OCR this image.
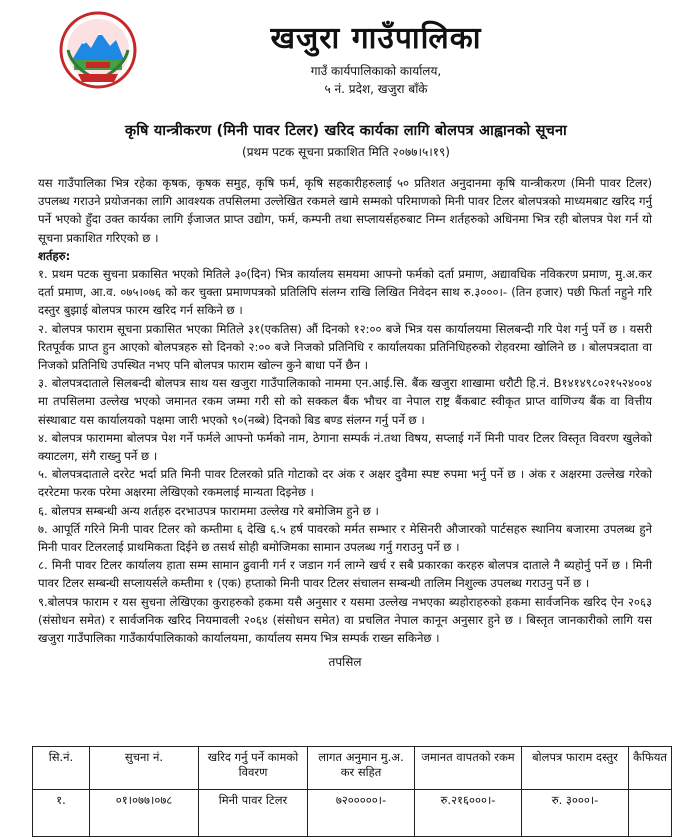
खजुरा गाउँपालिका
गाउँ कार्यपालिकाको कार्यालय,
५ नं. प्रदेश, खजुरा बाँके
कृषि यान्त्रीकरण (मिनी पावर टिलर) खरिद कार्यका लागि बोलपत्र आह्वानको सूचना
(प्रथम पटक सूचना प्रकाशित मिति २०७७।५।१९)

यस गाउँपालिका भित्र रहेका कृषक, कृषक समुह, कृषि फर्म, कृषि सहकारीहरुलाई ५० प्रतिशत अनुदानमा कृषि यान्त्रीकरण (मिनी पावर टिलर) उपलब्ध गराउने प्रयोजनका लागि आवश्यक तपसिलमा उल्लेखित रकमले खामे सम्मको परिमाणको मिनी पावर टिलर बोलपत्रको माध्यमबाट खरिद गर्नु पर्ने भएको हुँदा उक्त कार्यका लागि ईजाजत प्राप्त उद्योग, फर्म, कम्पनी तथा सप्लायर्सहरुबाट निम्न शर्तहरुको अधिनमा भित्र रही बोलपत्र पेश गर्न यो सूचना प्रकाशित गरिएको छ ।

शर्तहरु:

१. प्रथम पटक सुचना प्रकासित भएको मितिले ३०(दिन) भित्र कार्यालय समयमा आफ्नो फर्मको दर्ता प्रमाण, अद्यावधिक नविकरण प्रमाण, मु.अ.कर दर्ता प्रमाण, आ.व. ०७५।०७६ को कर चुक्ता प्रमाणपत्रको प्रतिलिपि संलग्न राखि लिखित निवेदन साथ रु.३०००।- (तिन हजार) पछी फिर्ता नहुने गरि दस्तुर बुझाई बोलपत्र फारम खरिद गर्न सकिने छ ।

२. बोलपत्र फाराम सूचना प्रकासित भएका मितिले ३१(एकतिस) औं दिनको १२:०० बजे भित्र यस कार्यालयमा सिलबन्दी गरि पेश गर्नु पर्ने छ । यसरी रितपूर्वक प्राप्त हुन आएको बोलपत्रहरु सो दिनको २:०० बजे निजको प्रतिनिधि र कार्यालयका प्रतिनिधिहरुको रोहवरमा खोलिने छ । बोलपत्रदाता वा निजको प्रतिनिधि उपस्थित नभए पनि बोलपत्र फाराम खोल्न कुने बाधा पर्ने छैन ।

३. बोलपत्रदाताले सिलबन्दी बोलपत्र साथ यस खजुरा गाउँपालिकाको नाममा एन.आई.सि. बैंक खजुरा शाखामा धरौटी हि.नं. B१४१४९८०२१५२४००४ मा तपसिलमा उल्लेख भएको जमानत रकम जम्मा गरी सो को सक्कल बैंक भौचर वा नेपाल राष्ट्र बैंकबाट स्वीकृत प्राप्त वाणिज्य बैंक वा वित्तीय संस्थाबाट यस कार्यालयको पक्षमा जारी भएको ९०(नब्बे) दिनको बिड बण्ड संलग्न गर्नु पर्ने छ ।

४. बोलपत्र फाराममा बोलपत्र पेश गर्ने फर्मले आफ्नो फर्मको नाम, ठेगाना सम्पर्क नं.तथा विषय, सप्लाई गर्ने मिनी पावर टिलर विस्तृत विवरण खुलेको क्याटलग, संगै राख्नु पर्ने छ ।

५. बोलपत्रदाताले दररेट भर्दा प्रति मिनी पावर टिलरको प्रति गोटाको दर अंक र अक्षर दुवैमा स्पष्ट रुपमा भर्नु पर्ने छ । अंक र अक्षरमा उल्लेख गरेको दररेटमा फरक परेमा अक्षरमा लेखिएको रकमलाई मान्यता दिइनेछ ।

६. बोलपत्र सम्बन्धी अन्य शर्तहरु दरभाउपत्र फाराममा उल्लेख गरे बमोजिम हुने छ ।

७. आपूर्ति गरिने मिनी पावर टिलर को कम्तीमा ६ देखि ६.५ हर्ष पावरको मर्मत सम्भार र मेसिनरी औजारको पार्टसहरु स्थानिय बजारमा उपलब्ध हुने मिनी पावर टिलरलाई प्राथमिकता दिईने छ तसर्थ सोही बमोजिमका सामान उपलब्ध गर्नु गराउनु पर्ने छ ।

८. मिनी पावर टिलर कार्यालय हाता सम्म सामान ढुवानी गर्न र जडान गर्न लाग्ने खर्च र सबै प्रकारका करहरु बोलपत्र दाताले नै ब्यहोर्नु पर्ने छ । मिनी पावर टिलर सम्बन्धी सप्लायर्सले कम्तीमा १ (एक) हप्ताको मिनी पावर टिलर संचालन सम्बन्धी तालिम निशुल्क उपलब्ध गराउनु पर्ने छ ।

९.बोलपत्र फाराम र यस सुचना लेखिएका कुराहरुको हकमा यसै अनुसार र यसमा उल्लेख नभएका ब्यहोराहरुको हकमा सार्वजनिक खरिद ऐन २०६३ (संसोधन समेत) र सार्वजनिक खरिद नियमावली २०६४ (संसोधन समेत) वा प्रचलित नेपाल कानून अनुसार हुने छ । बिस्तृत जानकारीको लागि यस खजुरा गाउँपालिका गाउँकार्यपालिकाको कार्यालयमा, कार्यालय समय भित्र सम्पर्क राख्न सकिनेछ ।

तपसिल
सि.नं.	सुचना नं.	खरिद गर्नु पर्ने कामको विवरण	लागत अनुमान मु.अ. कर सहित	जमानत वापतको रकम	बोलपत्र फाराम दस्तुर	कैफियत
१.	०१।०७७।०७८	मिनी पावर टिलर	७२०००००।-	रु.२१६०००।-	रु. ३०००।-	
